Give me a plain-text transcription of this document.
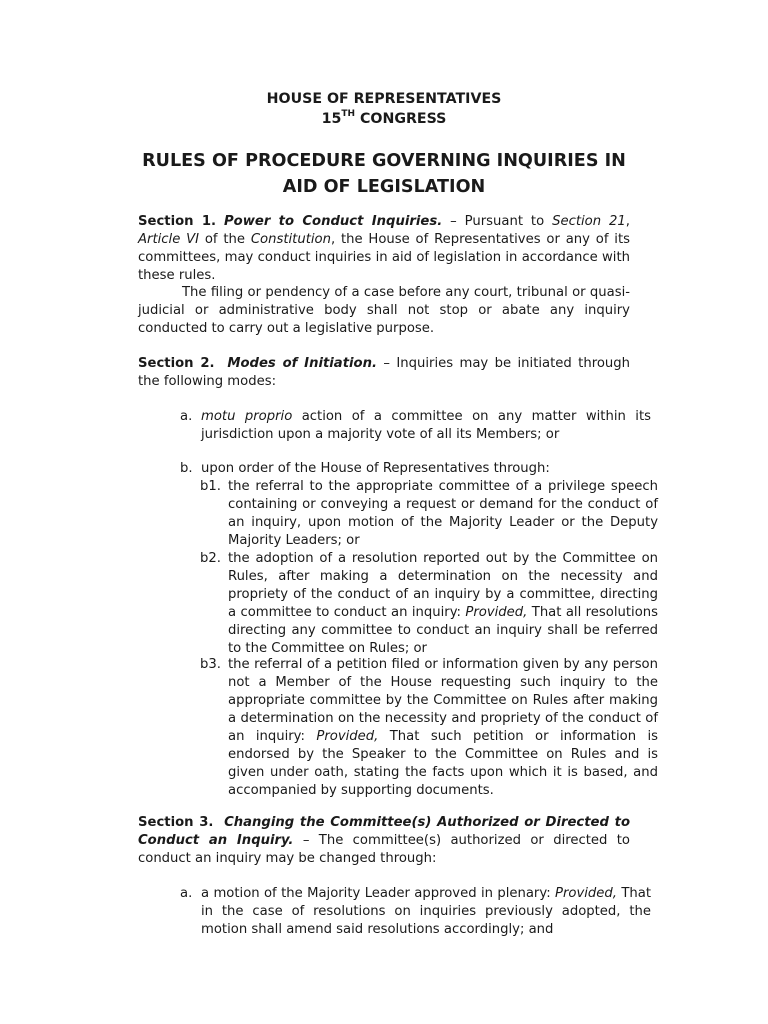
HOUSE OF REPRESENTATIVES
15TH CONGRESS
RULES OF PROCEDURE GOVERNING INQUIRIES IN
AID OF LEGISLATION
Section 1. Power to Conduct Inquiries. – Pursuant to Section 21, Article VI of the Constitution, the House of Representatives or any of its committees, may conduct inquiries in aid of legislation in accordance with these rules.
The filing or pendency of a case before any court, tribunal or quasi-judicial or administrative body shall not stop or abate any inquiry conducted to carry out a legislative purpose.
Section 2. Modes of Initiation. – Inquiries may be initiated through the following modes:
a. motu proprio action of a committee on any matter within its jurisdiction upon a majority vote of all its Members; or
b. upon order of the House of Representatives through:
b1. the referral to the appropriate committee of a privilege speech containing or conveying a request or demand for the conduct of an inquiry, upon motion of the Majority Leader or the Deputy Majority Leaders; or
b2. the adoption of a resolution reported out by the Committee on Rules, after making a determination on the necessity and propriety of the conduct of an inquiry by a committee, directing a committee to conduct an inquiry: Provided, That all resolutions directing any committee to conduct an inquiry shall be referred to the Committee on Rules; or
b3. the referral of a petition filed or information given by any person not a Member of the House requesting such inquiry to the appropriate committee by the Committee on Rules after making a determination on the necessity and propriety of the conduct of an inquiry: Provided, That such petition or information is endorsed by the Speaker to the Committee on Rules and is given under oath, stating the facts upon which it is based, and accompanied by supporting documents.
Section 3. Changing the Committee(s) Authorized or Directed to Conduct an Inquiry. – The committee(s) authorized or directed to conduct an inquiry may be changed through:
a. a motion of the Majority Leader approved in plenary: Provided, That in the case of resolutions on inquiries previously adopted, the motion shall amend said resolutions accordingly; and
